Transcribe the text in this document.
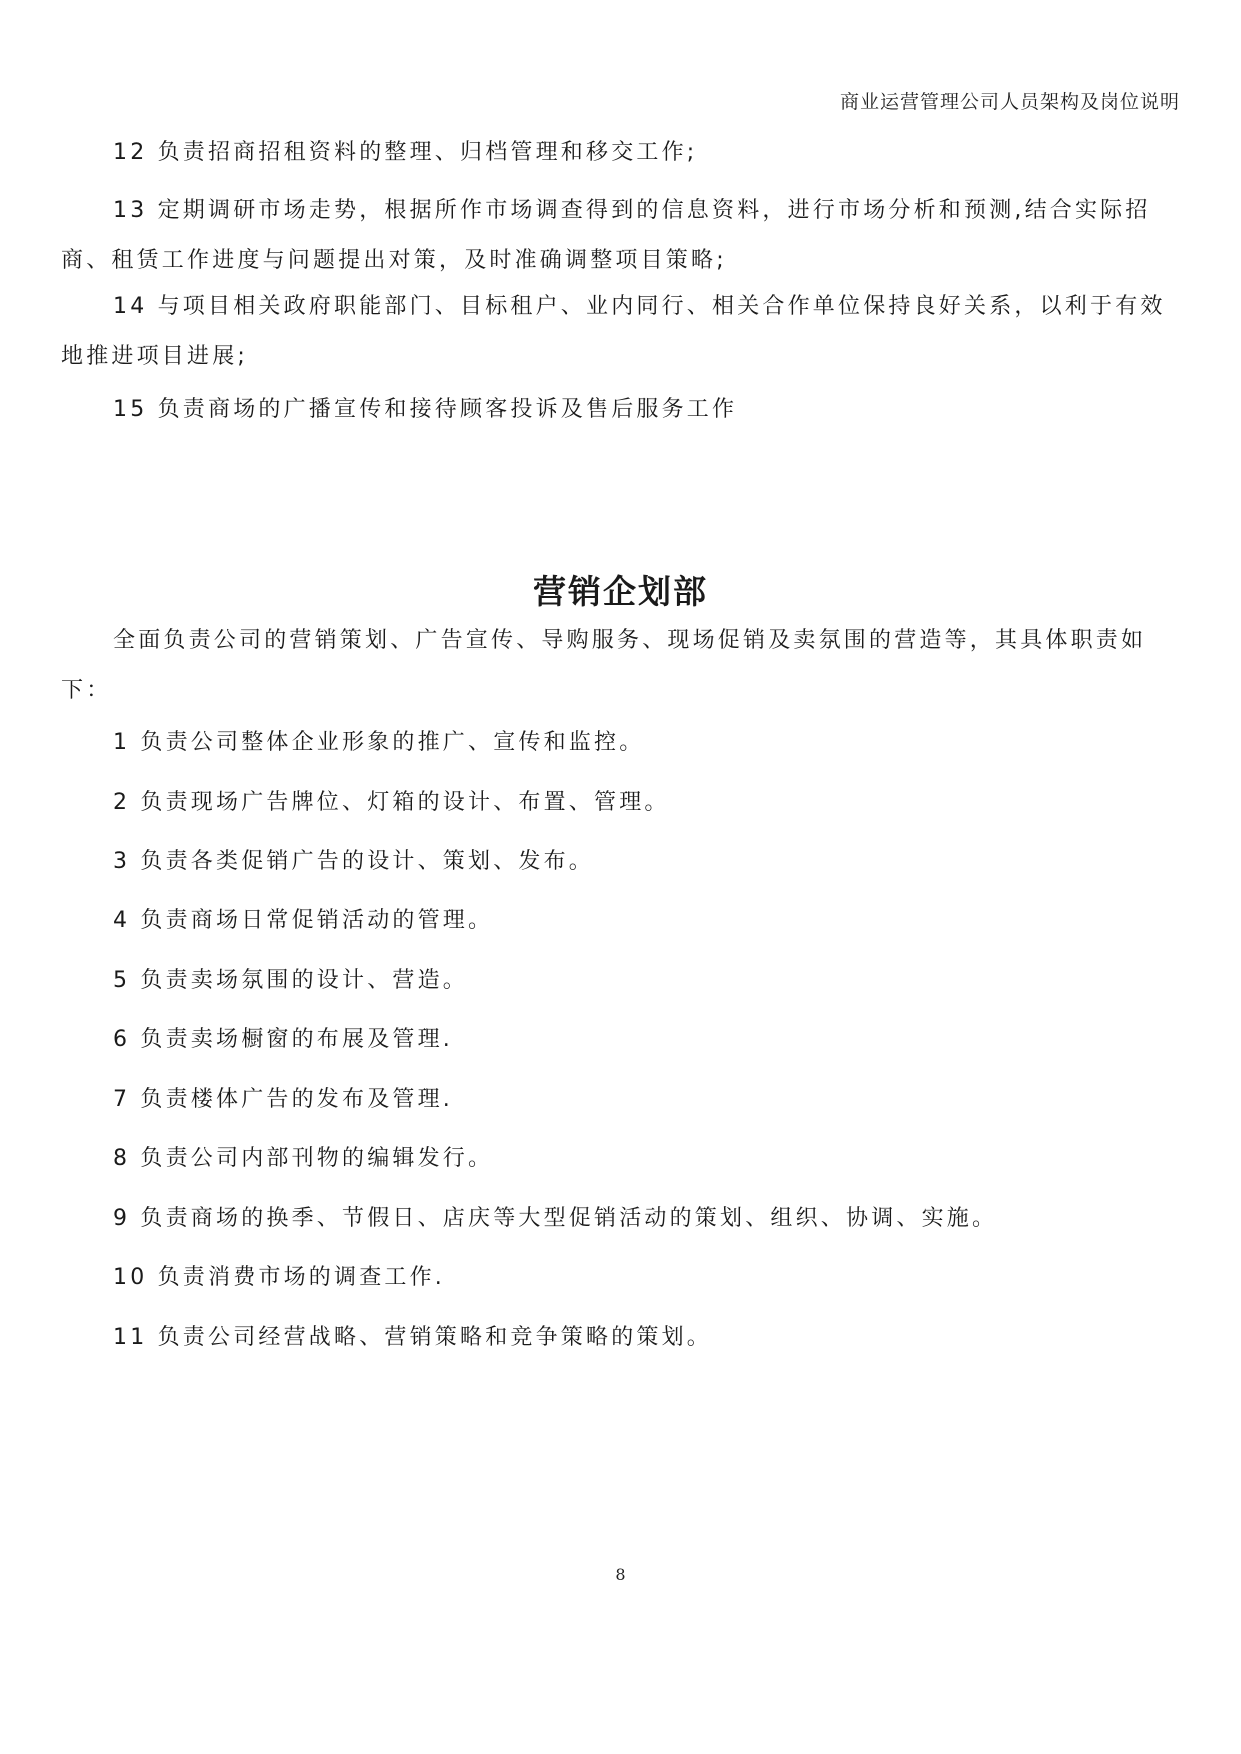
商业运营管理公司人员架构及岗位说明

12 负责招商招租资料的整理、归档管理和移交工作;

13 定期调研市场走势，根据所作市场调查得到的信息资料，进行市场分析和预测,结合实际招商、租赁工作进度与问题提出对策，及时准确调整项目策略;

14 与项目相关政府职能部门、目标租户、业内同行、相关合作单位保持良好关系，以利于有效地推进项目进展;

15 负责商场的广播宣传和接待顾客投诉及售后服务工作

营销企划部

全面负责公司的营销策划、广告宣传、导购服务、现场促销及卖氛围的营造等，其具体职责如下：

1 负责公司整体企业形象的推广、宣传和监控。

2 负责现场广告牌位、灯箱的设计、布置、管理。

3 负责各类促销广告的设计、策划、发布。

4 负责商场日常促销活动的管理。

5 负责卖场氛围的设计、营造。

6 负责卖场橱窗的布展及管理.

7 负责楼体广告的发布及管理.

8 负责公司内部刊物的编辑发行。

9 负责商场的换季、节假日、店庆等大型促销活动的策划、组织、协调、实施。

10 负责消费市场的调查工作.

11 负责公司经营战略、营销策略和竞争策略的策划。

8
